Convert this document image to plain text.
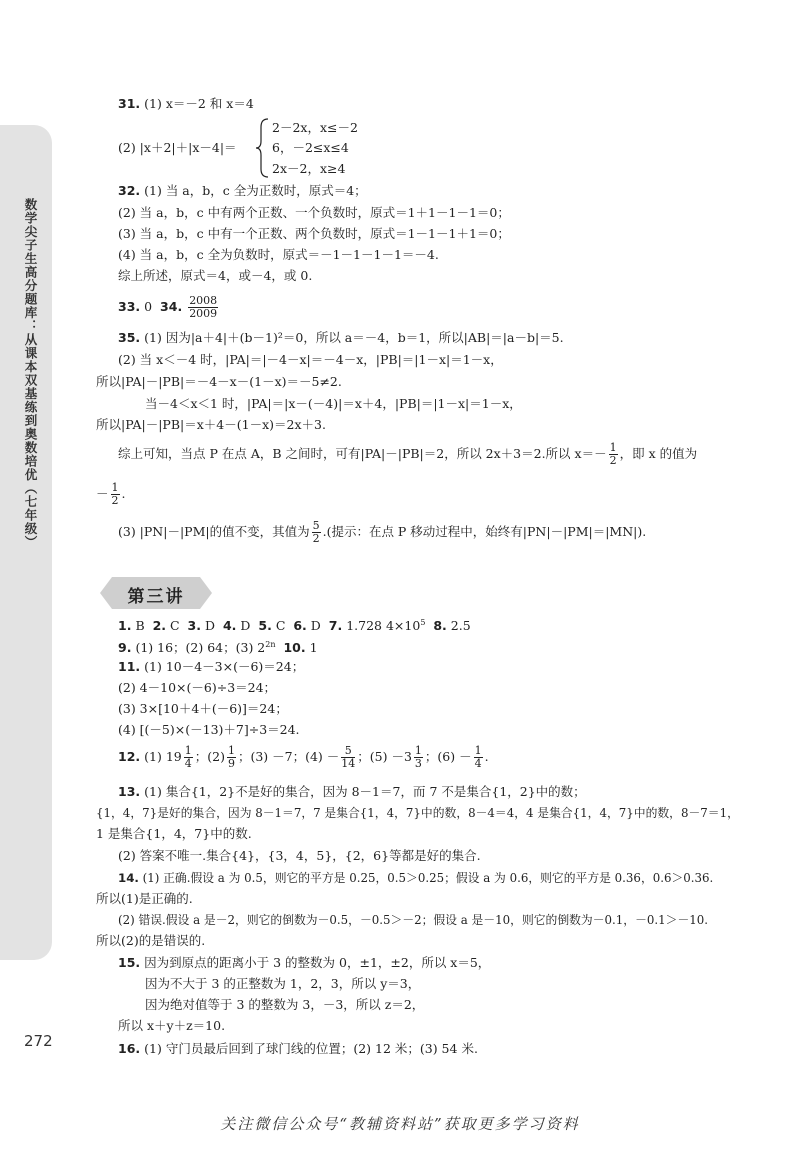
数学尖子生高分题库：从课本双基练到奥数培优（七年级）
272
31. (1) x＝－2 和 x＝4
(2) |x＋2|＋|x－4|＝
2－2x，x≤－2
6，－2≤x≤4
2x－2，x≥4
32. (1) 当 a，b，c 全为正数时，原式＝4；
(2) 当 a，b，c 中有两个正数、一个负数时，原式＝1＋1－1－1＝0；
(3) 当 a，b，c 中有一个正数、两个负数时，原式＝1－1－1＋1＝0；
(4) 当 a，b，c 全为负数时，原式＝－1－1－1－1＝－4.
综上所述，原式＝4，或－4，或 0.
33. 0 34. $\frac{2008}{2009}$
35. (1) 因为|a＋4|＋(b－1)²＝0，所以 a＝－4，b＝1，所以|AB|＝|a－b|＝5.
(2) 当 x＜－4 时，|PA|＝|－4－x|＝－4－x，|PB|＝|1－x|＝1－x，
所以|PA|－|PB|＝－4－x－(1－x)＝－5≠2.
当－4＜x＜1 时，|PA|＝|x－(－4)|＝x＋4，|PB|＝|1－x|＝1－x，
所以|PA|－|PB|＝x＋4－(1－x)＝2x＋3.
综上可知，当点 P 在点 A，B 之间时，可有|PA|－|PB|＝2，所以 2x＋3＝2.所以 $x=- \frac{1}{2}$ ，即 x 的值为
－ $\frac{1}{2}$ .
(3) |PN|－|PM|的值不变，其值为 $\frac{5}{2}$ .(提示：在点 P 移动过程中，始终有|PN|－|PM|＝|MN|).
第三讲
1. B 2. C 3. D 4. D 5. C 6. D 7. 1.728 $4\times 10^5$ 8. 2.5
9. (1) 16；(2) 64；(3) $2^{2n}$ 10. 1
11. (1) 10－4－3×(－6)＝24；
(2) 4－10×(－6)÷3＝24；
(3) 3×[10＋4＋(－6)]＝24；
(4) [(－5)×(－13)＋7]÷3＝24.
12. (1) $19 \frac{1}{4}$ ；$(2) \frac{1}{9}$ ；(3) －7；$(4) - \frac{5}{14}$ ；$(5) -3 \frac{1}{3}$ ；$(6) - \frac{1}{4}$ .
13. (1) 集合{1，2}不是好的集合，因为 8－1＝7，而 7 不是集合{1，2}中的数；
{1，4，7}是好的集合，因为 8－1＝7，7 是集合{1，4，7}中的数，8－4＝4，4 是集合{1，4，7}中的数，8－7＝1，
1 是集合{1，4，7}中的数.
(2) 答案不唯一.集合{4}，{3，4，5}，{2，6}等都是好的集合.
14. (1) 正确.假设 a 为 0.5，则它的平方是 0.25，0.5＞0.25；假设 a 为 0.6，则它的平方是 0.36，0.6＞0.36.
所以(1)是正确的.
(2) 错误.假设 a 是－2，则它的倒数为－0.5，－0.5＞－2；假设 a 是－10，则它的倒数为－0.1，－0.1＞－10.
所以(2)的是错误的.
15. 因为到原点的距离小于 3 的整数为 0，±1，±2，所以 x＝5，
因为不大于 3 的正整数为 1，2，3，所以 y＝3，
因为绝对值等于 3 的整数为 3，－3，所以 z＝2，
所以 x＋y＋z＝10.
16. (1) 守门员最后回到了球门线的位置；(2) 12 米；(3) 54 米.
关注微信公众号“教辅资料站”获取更多学习资料
